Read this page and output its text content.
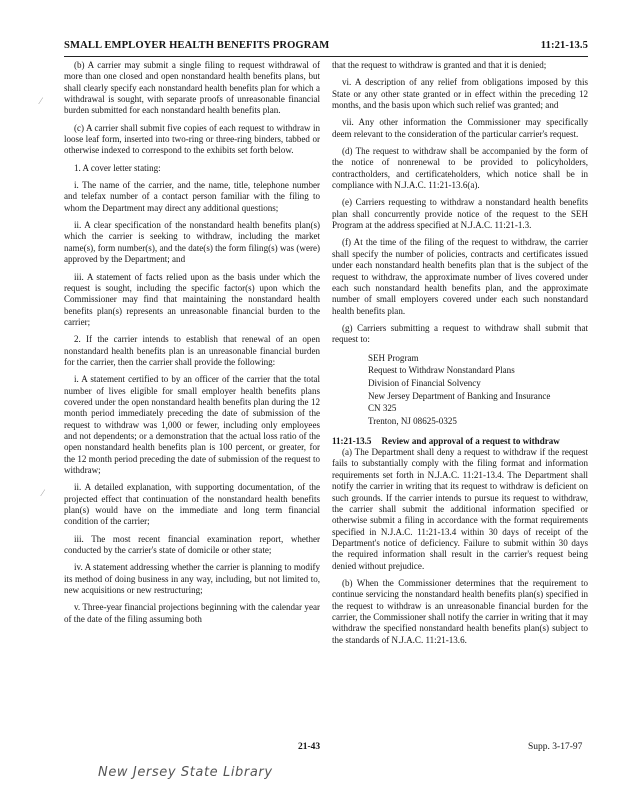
SMALL EMPLOYER HEALTH BENEFITS PROGRAM	11:21-13.5

(b) A carrier may submit a single filing to request withdrawal of more than one closed and open nonstandard health benefits plans, but shall clearly specify each nonstandard health benefits plan for which a withdrawal is sought, with separate proofs of unreasonable financial burden submitted for each nonstandard health benefits plan.

(c) A carrier shall submit five copies of each request to withdraw in loose leaf form, inserted into two-ring or three-ring binders, tabbed or otherwise indexed to correspond to the exhibits set forth below.

1. A cover letter stating:

i. The name of the carrier, and the name, title, telephone number and telefax number of a contact person familiar with the filing to whom the Department may direct any additional questions;

ii. A clear specification of the nonstandard health benefits plan(s) which the carrier is seeking to withdraw, including the market name(s), form number(s), and the date(s) the form filing(s) was (were) approved by the Department; and

iii. A statement of facts relied upon as the basis under which the request is sought, including the specific factor(s) upon which the Commissioner may find that maintaining the nonstandard health benefits plan(s) represents an unreasonable financial burden to the carrier;

2. If the carrier intends to establish that renewal of an open nonstandard health benefits plan is an unreasonable financial burden for the carrier, then the carrier shall provide the following:

i. A statement certified to by an officer of the carrier that the total number of lives eligible for small employer health benefits plans covered under the open nonstandard health benefits plan during the 12 month period immediately preceding the date of submission of the request to withdraw was 1,000 or fewer, including only employees and not dependents; or a demonstration that the actual loss ratio of the open nonstandard health benefits plan is 100 percent, or greater, for the 12 month period preceding the date of submission of the request to withdraw;

ii. A detailed explanation, with supporting documentation, of the projected effect that continuation of the nonstandard health benefits plan(s) would have on the immediate and long term financial condition of the carrier;

iii. The most recent financial examination report, whether conducted by the carrier's state of domicile or other state;

iv. A statement addressing whether the carrier is planning to modify its method of doing business in any way, including, but not limited to, new acquisitions or new restructuring;

v. Three-year financial projections beginning with the calendar year of the date of the filing assuming both

that the request to withdraw is granted and that it is denied;

vi. A description of any relief from obligations imposed by this State or any other state granted or in effect within the preceding 12 months, and the basis upon which such relief was granted; and

vii. Any other information the Commissioner may specifically deem relevant to the consideration of the particular carrier's request.

(d) The request to withdraw shall be accompanied by the form of the notice of nonrenewal to be provided to policyholders, contractholders, and certificateholders, which notice shall be in compliance with N.J.A.C. 11:21-13.6(a).

(e) Carriers requesting to withdraw a nonstandard health benefits plan shall concurrently provide notice of the request to the SEH Program at the address specified at N.J.A.C. 11:21-1.3.

(f) At the time of the filing of the request to withdraw, the carrier shall specify the number of policies, contracts and certificates issued under each nonstandard health benefits plan that is the subject of the request to withdraw, the approximate number of lives covered under each such nonstandard health benefits plan, and the approximate number of small employers covered under each such nonstandard health benefits plan.

(g) Carriers submitting a request to withdraw shall submit that request to:

SEH Program
Request to Withdraw Nonstandard Plans
Division of Financial Solvency
New Jersey Department of Banking and Insurance
CN 325
Trenton, NJ 08625-0325
11:21-13.5 Review and approval of a request to withdraw

(a) The Department shall deny a request to withdraw if the request fails to substantially comply with the filing format and information requirements set forth in N.J.A.C. 11:21-13.4. The Department shall notify the carrier in writing that its request to withdraw is deficient on such grounds. If the carrier intends to pursue its request to withdraw, the carrier shall submit the additional information specified or otherwise submit a filing in accordance with the format requirements specified in N.J.A.C. 11:21-13.4 within 30 days of receipt of the Department's notice of deficiency. Failure to submit within 30 days the required information shall result in the carrier's request being denied without prejudice.

(b) When the Commissioner determines that the requirement to continue servicing the nonstandard health benefits plan(s) specified in the request to withdraw is an unreasonable financial burden for the carrier, the Commissioner shall notify the carrier in writing that it may withdraw the specified nonstandard health benefits plan(s) subject to the standards of N.J.A.C. 11:21-13.6.

21-43	Supp. 3-17-97
New Jersey State Library
⁄
⁄
